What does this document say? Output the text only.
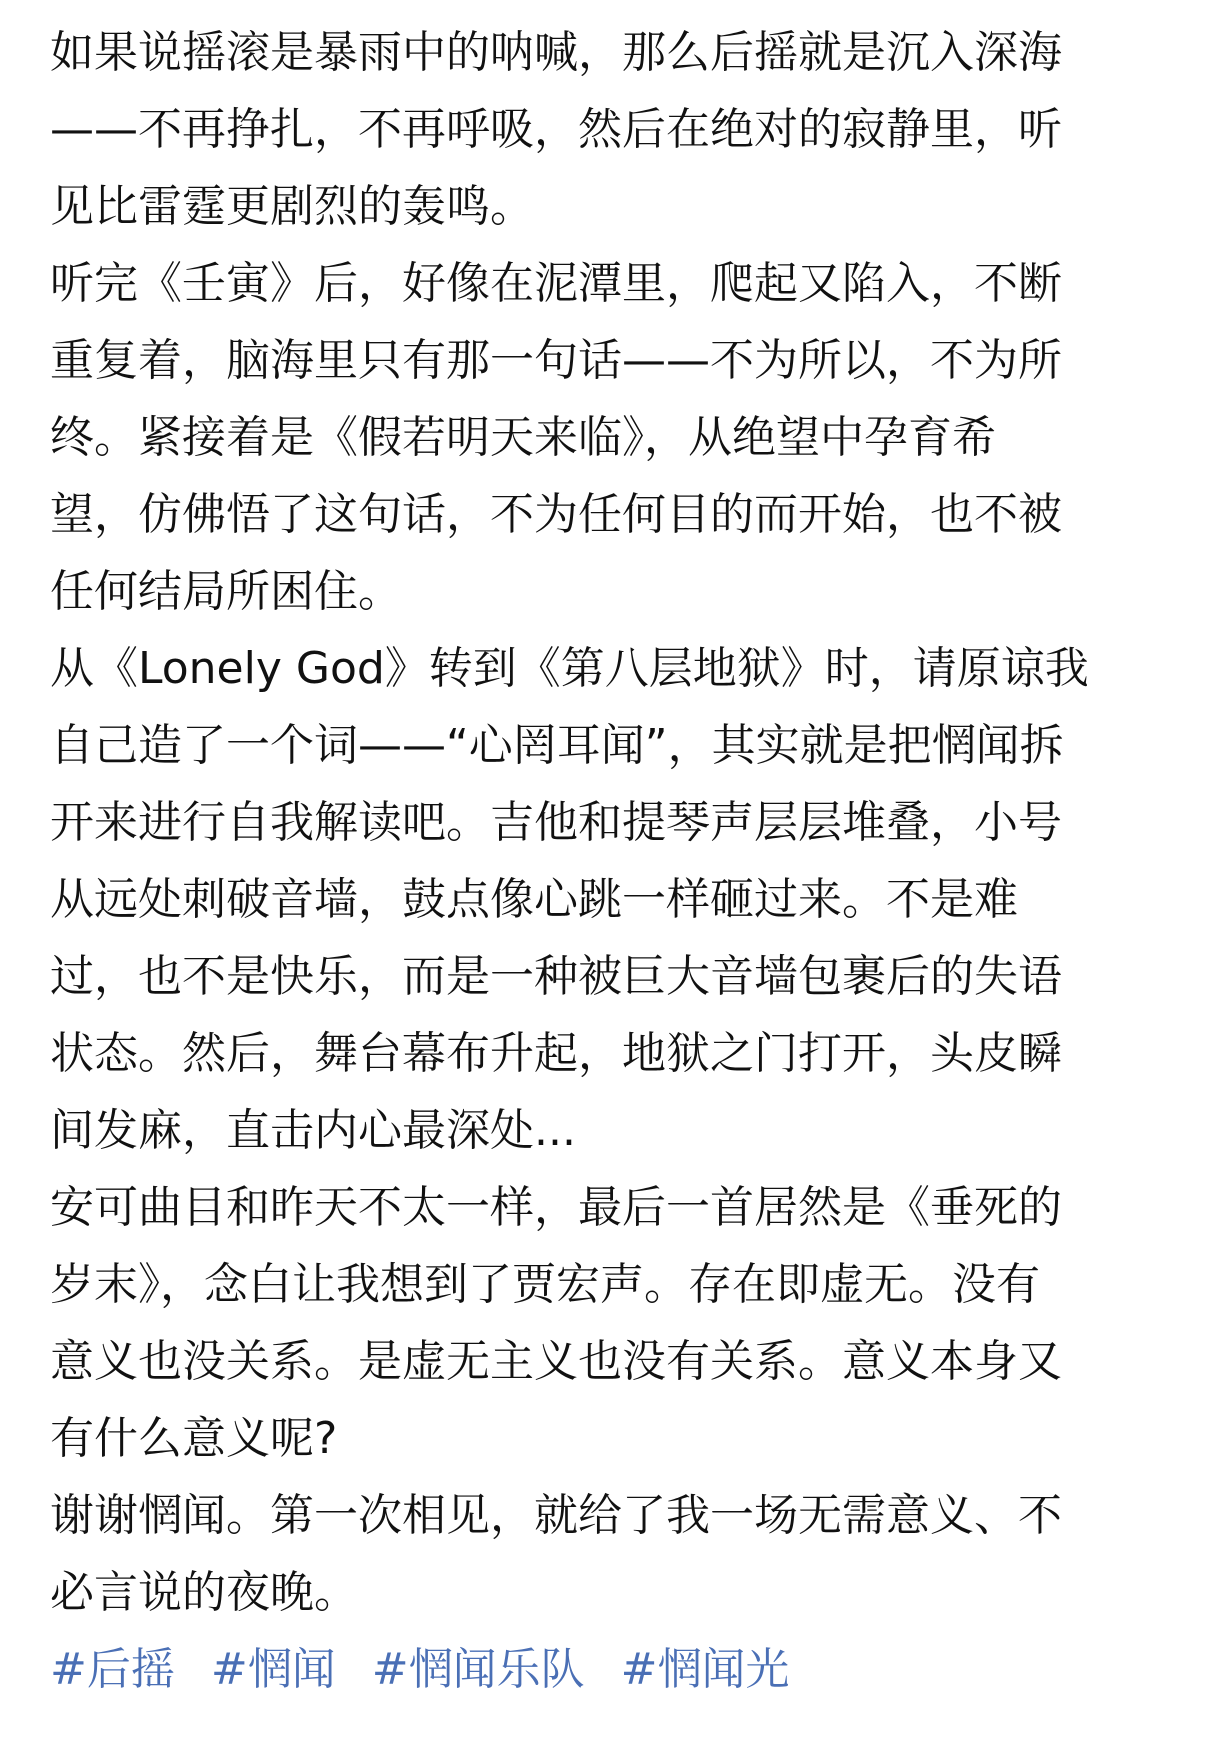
如果说摇滚是暴雨中的呐喊，那么后摇就是沉入深海
——不再挣扎，不再呼吸，然后在绝对的寂静里，听
见比雷霆更剧烈的轰鸣。
听完《壬寅》后，好像在泥潭里，爬起又陷入，不断
重复着，脑海里只有那一句话——不为所以，不为所
终。紧接着是《假若明天来临》，从绝望中孕育希
望，仿佛悟了这句话，不为任何目的而开始，也不被
任何结局所困住。
从《Lonely God》转到《第八层地狱》时，请原谅我
自己造了一个词——“心罔耳闻”，其实就是把惘闻拆
开来进行自我解读吧。吉他和提琴声层层堆叠，小号
从远处刺破音墙，鼓点像心跳一样砸过来。不是难
过，也不是快乐，而是一种被巨大音墙包裹后的失语
状态。然后，舞台幕布升起，地狱之门打开，头皮瞬
间发麻，直击内心最深处...
安可曲目和昨天不太一样，最后一首居然是《垂死的
岁末》，念白让我想到了贾宏声。存在即虚无。没有
意义也没关系。是虚无主义也没有关系。意义本身又
有什么意义呢?
谢谢惘闻。第一次相见，就给了我一场无需意义、不
必言说的夜晚。
#后摇 #惘闻 #惘闻乐队 #惘闻光
